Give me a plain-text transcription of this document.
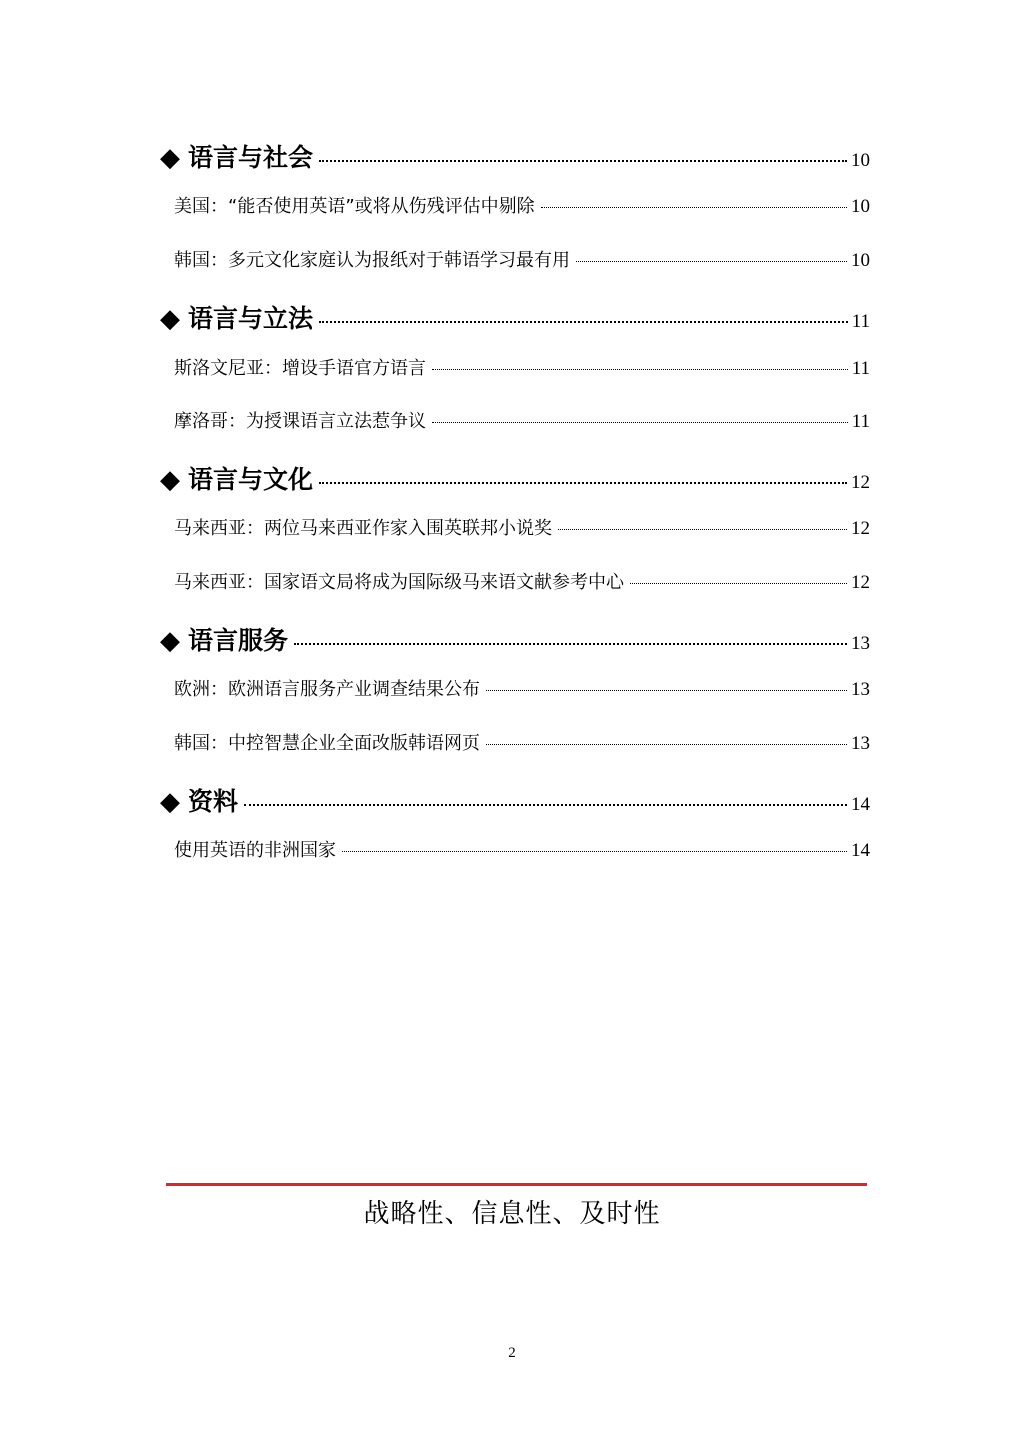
◆ 语言与社会	10
美国：“能否使用英语”或将从伤残评估中剔除	10
韩国：多元文化家庭认为报纸对于韩语学习最有用	10
◆ 语言与立法	11
斯洛文尼亚：增设手语官方语言	11
摩洛哥：为授课语言立法惹争议	11
◆ 语言与文化	12
马来西亚：两位马来西亚作家入围英联邦小说奖	12
马来西亚：国家语文局将成为国际级马来语文献参考中心	12
◆ 语言服务	13
欧洲：欧洲语言服务产业调查结果公布	13
韩国：中控智慧企业全面改版韩语网页	13
◆ 资料	14
使用英语的非洲国家	14
战略性、信息性、及时性
2
